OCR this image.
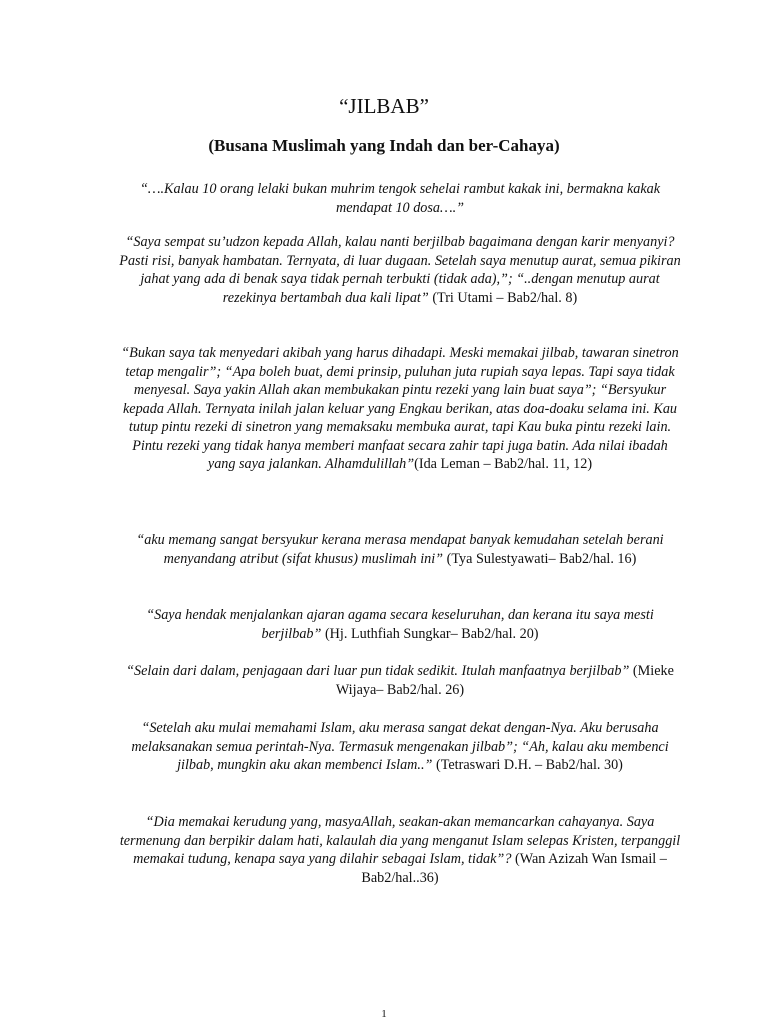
“JILBAB”
(Busana Muslimah yang Indah dan ber-Cahaya)
“….Kalau 10 orang lelaki bukan muhrim tengok sehelai rambut kakak ini, bermakna kakak mendapat 10 dosa….”
“Saya sempat su’udzon kepada Allah, kalau nanti berjilbab bagaimana dengan karir menyanyi? Pasti risi, banyak hambatan. Ternyata, di luar dugaan. Setelah saya menutup aurat, semua pikiran jahat yang ada di benak saya tidak pernah terbukti (tidak ada),”; “..dengan menutup aurat rezekinya bertambah dua kali lipat” (Tri Utami – Bab2/hal. 8)
“Bukan saya tak menyedari akibah yang harus dihadapi. Meski memakai jilbab, tawaran sinetron tetap mengalir”; “Apa boleh buat, demi prinsip, puluhan juta rupiah saya lepas. Tapi saya tidak menyesal. Saya yakin Allah akan membukakan pintu rezeki yang lain buat saya”; “Bersyukur kepada Allah. Ternyata inilah jalan keluar yang Engkau berikan, atas doa-doaku selama ini. Kau tutup pintu rezeki di sinetron yang memaksaku membuka aurat, tapi Kau buka pintu rezeki lain. Pintu rezeki yang tidak hanya memberi manfaat secara zahir tapi juga batin. Ada nilai ibadah yang saya jalankan. Alhamdulillah”(Ida Leman – Bab2/hal. 11, 12)
“aku memang sangat bersyukur kerana merasa mendapat banyak kemudahan setelah berani menyandang atribut (sifat khusus) muslimah ini” (Tya Sulestyawati– Bab2/hal. 16)
“Saya hendak menjalankan ajaran agama secara keseluruhan, dan kerana itu saya mesti berjilbab” (Hj. Luthfiah Sungkar– Bab2/hal. 20)
“Selain dari dalam, penjagaan dari luar pun tidak sedikit. Itulah manfaatnya berjilbab” (Mieke Wijaya– Bab2/hal. 26)
“Setelah aku mulai memahami Islam, aku merasa sangat dekat dengan-Nya. Aku berusaha melaksanakan semua perintah-Nya. Termasuk mengenakan jilbab”; “Ah, kalau aku membenci jilbab, mungkin aku akan membenci Islam..” (Tetraswari D.H. – Bab2/hal. 30)
“Dia memakai kerudung yang, masyaAllah, seakan-akan memancarkan cahayanya. Saya termenung dan berpikir dalam hati, kalaulah dia yang menganut Islam selepas Kristen, terpanggil memakai tudung, kenapa saya yang dilahir sebagai Islam, tidak”? (Wan Azizah Wan Ismail – Bab2/hal..36)
1
